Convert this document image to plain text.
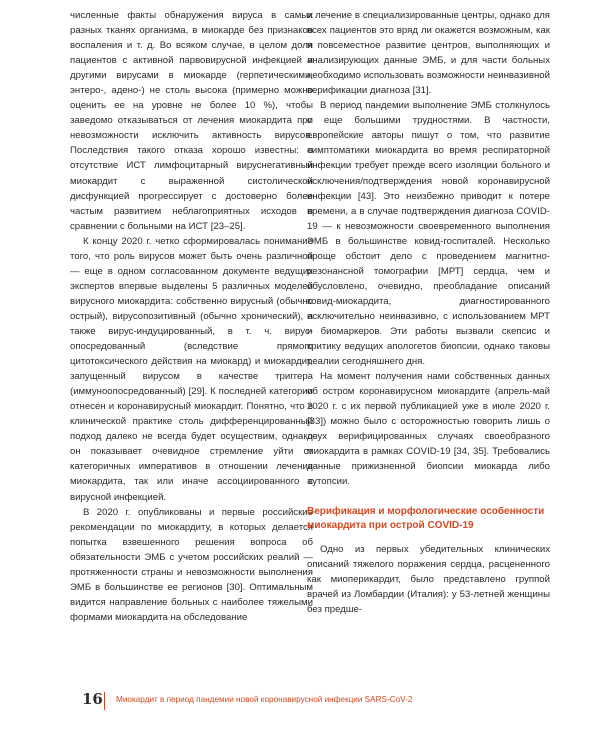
численные факты обнаружения вируса в самых разных тканях организма, в миокарде без признаков воспаления и т. д. Во всяком случае, в целом доля пациентов с активной парвовирусной инфекцией и другими вирусами в миокарде (герпетическими, энтеро-, адено-) не столь высока (примерно можно оценить ее на уровне не более 10 %), чтобы заведомо отказываться от лечения миокардита при невозможности исключить активность вирусов. Последствия такого отказа хорошо известны: в отсутствие ИСТ лимфоцитарный вируснегативный миокардит с выраженной систолической дисфункцией прогрессирует с достоверно более частым развитием неблагоприятных исходов в сравнении с больными на ИСТ [23–25].

К концу 2020 г. четко сформировалась понимание того, что роль вирусов может быть очень различной — еще в одном согласованном документе ведущих экспертов впервые выделены 5 различных моделей вирусного миокардита: собственно вирусный (обычно острый), вирусопозитивный (обычно хронический), а также вирус-индуцированный, в т. ч. вирус-опосредованный (вследствие прямого цитотоксического действия на миокард) и миокардит, запущенный вирусом в качестве триггера (иммуноопосредованный) [29]. К последней категории отнесен и коронавирусный миокардит. Понятно, что в клинической практике столь дифференцированный подход далеко не всегда будет осуществим, однако он показывает очевидное стремление уйти от категоричных императивов в отношении лечения миокардита, так или иначе ассоциированного с вирусной инфекцией.

В 2020 г. опубликованы и первые российские рекомендации по миокардиту, в которых делается попытка взвешенного решения вопроса об обязательности ЭМБ с учетом российских реалий — протяженности страны и невозможности выполнения ЭМБ в большинстве ее регионов [30]. Оптимальным видится направление больных с наиболее тяжелыми формами миокардита на обследование

и лечение в специализированные центры, однако для всех пациентов это вряд ли окажется возможным, как и повсеместное развитие центров, выполняющих и анализирующих данные ЭМБ, и для части больных необходимо использовать возможности неинвазивной верификации диагноза [31].

В период пандемии выполнение ЭМБ столкнулось с еще большими трудностями. В частности, европейские авторы пишут о том, что развитие симптоматики миокардита во время респираторной инфекции требует прежде всего изоляции больного и исключения/подтверждения новой коронавирусной инфекции [43]. Это неизбежно приводит к потере времени, а в случае подтверждения диагноза COVID-19 — к невозможности своевременного выполнения ЭМБ в большинстве ковид-госпиталей. Несколько проще обстоит дело с проведением магнитно-резонансной томографии [МРТ] сердца, чем и обусловлено, очевидно, преобладание описаний ковид-миокардита, диагностированного исключительно неинвазивно, с использованием МРТ и биомаркеров. Эти работы вызвали скепсис и критику ведущих апологетов биопсии, однако таковы реалии сегодняшнего дня.

На момент получения нами собственных данных об остром коронавирусном миокардите (апрель-май 2020 г. с их первой публикацией уже в июле 2020 г. [33]) можно было с осторожностью говорить лишь о двух верифицированных случаях своеобразного миокардита в рамках COVID-19 [34, 35]. Требовались данные прижизненной биопсии миокарда либо аутопсии.

Верификация и морфологические особенности миокардита при острой COVID-19

Одно из первых убедительных клинических описаний тяжелого поражения сердца, расцененного как миоперикардит, было представлено группой врачей из Ломбардии (Италия): у 53-летней женщины без предше-

16 Миокардит в период пандемии новой коронавирусной инфекции SARS-CoV-2
